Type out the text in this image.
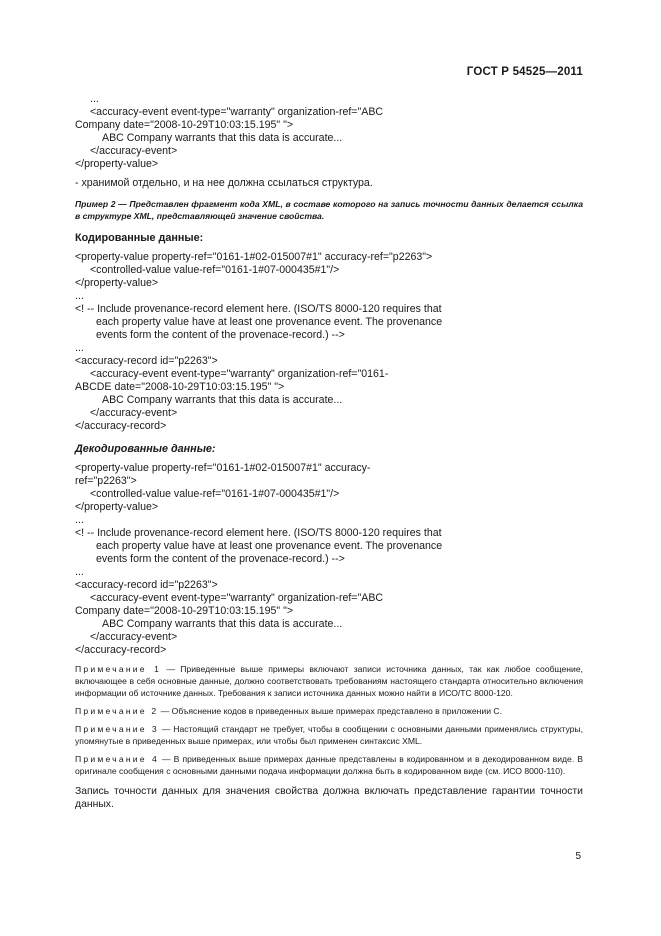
ГОСТ Р 54525—2011
...
<accuracy-event event-type="warranty" organization-ref="ABC
Company date="2008-10-29T10:03:15.195" ">
ABC Company warrants that this data is accurate...
</accuracy-event>
</property-value>
- хранимой отдельно, и на нее должна ссылаться структура.
Пример 2 — Представлен фрагмент кода XML, в составе которого на запись точности данных делается ссылка в структуре XML, представляющей значение свойства.
Кодированные данные:
<property-value property-ref="0161-1#02-015007#1" accuracy-ref="p2263">
<controlled-value value-ref="0161-1#07-000435#1"/>
</property-value>
...
<! -- Include provenance-record element here. (ISO/TS 8000-120 requires that
each property value have at least one provenance event. The provenance
events form the content of the provenace-record.) -->
...
<accuracy-record id="p2263">
<accuracy-event event-type="warranty" organization-ref="0161-
ABCDE date="2008-10-29T10:03:15.195" ">
ABC Company warrants that this data is accurate...
</accuracy-event>
</accuracy-record>
Декодированные данные:
<property-value property-ref="0161-1#02-015007#1" accuracy-
ref="p2263">
<controlled-value value-ref="0161-1#07-000435#1"/>
</property-value>
...
<! -- Include provenance-record element here. (ISO/TS 8000-120 requires that
each property value have at least one provenance event. The provenance
events form the content of the provenace-record.) -->
...
<accuracy-record id="p2263">
<accuracy-event event-type="warranty" organization-ref="ABC
Company date="2008-10-29T10:03:15.195" ">
ABC Company warrants that this data is accurate...
</accuracy-event>
</accuracy-record>
Примечание 1 — Приведенные выше примеры включают записи источника данных, так как любое сообщение, включающее в себя основные данные, должно соответствовать требованиям настоящего стандарта относительно включения информации об источнике данных. Требования к записи источника данных можно найти в ИСО/ТС 8000-120.
Примечание 2 — Объяснение кодов в приведенных выше примерах представлено в приложении С.
Примечание 3 — Настоящий стандарт не требует, чтобы в сообщении с основными данными применялись структуры, упомянутые в приведенных выше примерах, или чтобы был применен синтаксис XML.
Примечание 4 — В приведенных выше примерах данные представлены в кодированном и в декодированном виде. В оригинале сообщения с основными данными подача информации должна быть в кодированном виде (см. ИСО 8000-110).
Запись точности данных для значения свойства должна включать представление гарантии точности данных.
5
